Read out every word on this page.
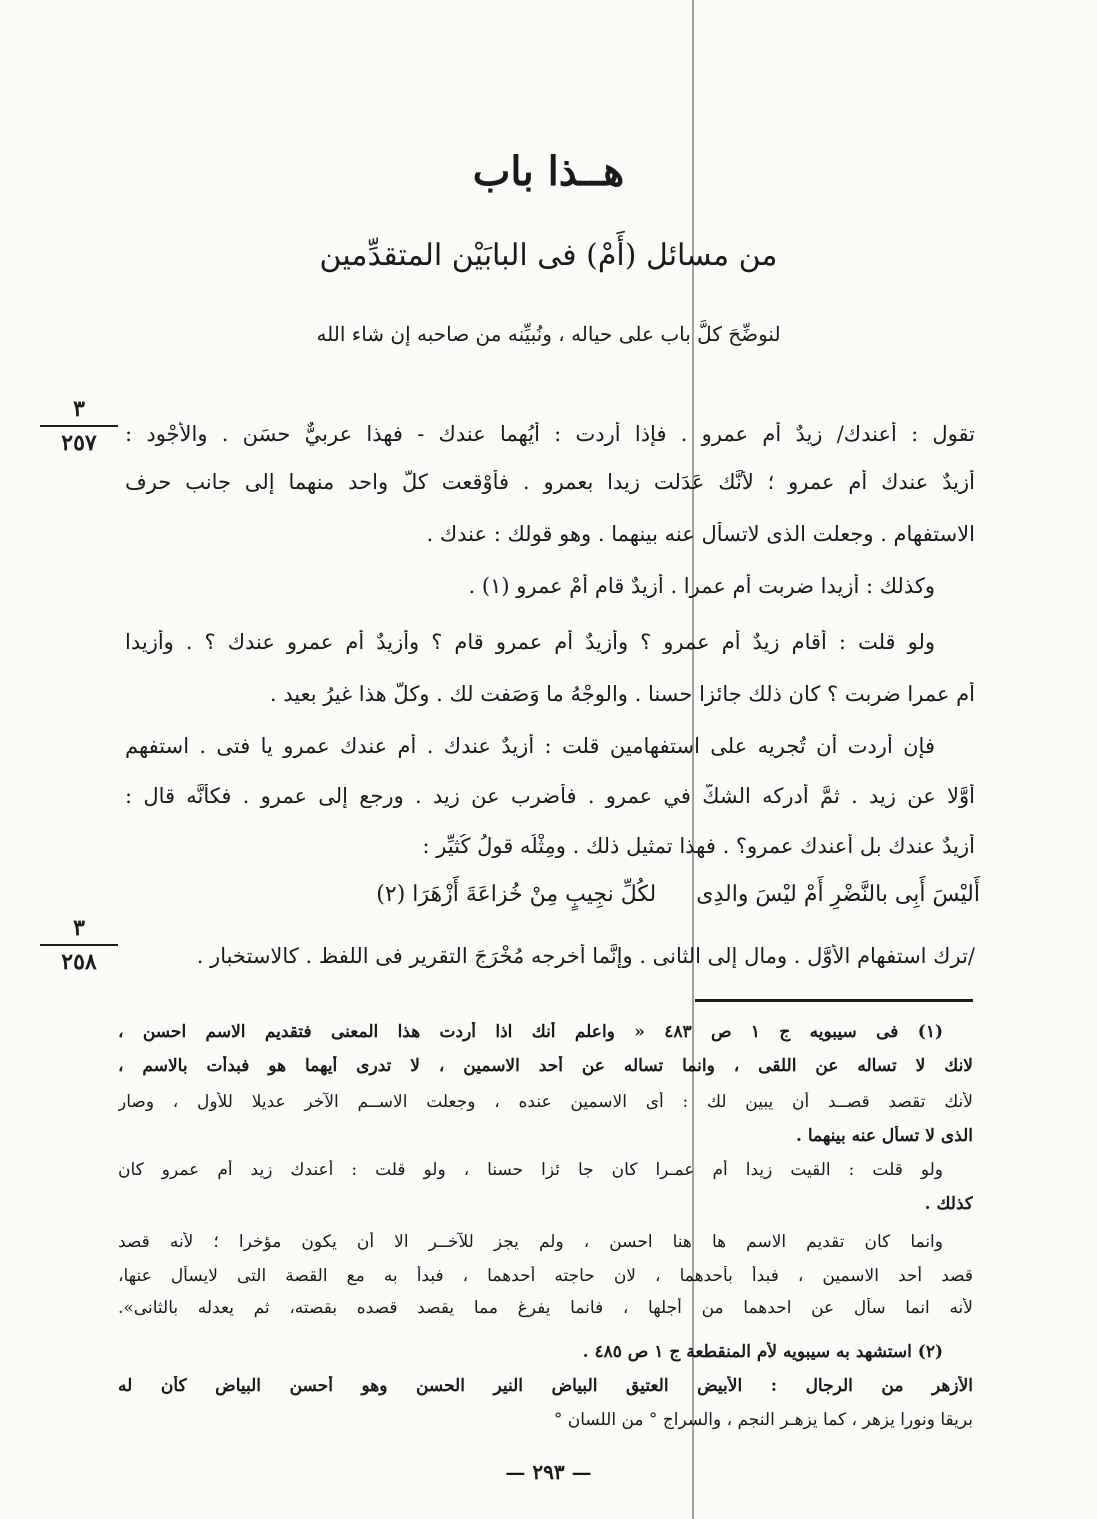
هــذا باب
من مسائل (أَمْ) فى البابَيْن المتقدِّمين
لنوضِّحَ كلَّ باب على حياله ، ونُبيِّنه من صاحبه إن شاء الله
٣
٢٥٧
٣
٢٥٨
تقول : أعندك/ زيدٌ أم عمرو . فإذا أردت : أَيُهما عندك - فهذا عربيٌّ حسَن . والأَجْود :
أزيدٌ عندك أم عمرو ؛ لأَنَّك عَدَلت زيدا بعمرو . فأَوْقعت كلَّ واحد منهما إلى جانب حرف
الاستفهام . وجعلت الذى لاتسأَل عنه بينهما . وهو قولك : عندك .
وكذلك : أزيدا ضربت أَم عمرا . أزيدٌ قام أَمْ عمرو (١) .
ولو قلت : أقام زيدٌ أم عمرو ؟ وأزيدٌ أم عمرو قام ؟ وأزيدٌ أم عمرو عندك ؟ . وأزيدا
أم عمرا ضربت ؟ كان ذلك جائزا حسنا . والوجْهُ ما وَصَفت لك . وكلُّ هذا غيرُ بعيد .
فإن أردت أن تُجرِيه على استفهامين قلت : أزيدٌ عندك . أم عندك عمرو يا فتى . استفهم
أوَّلا عن زيد . ثمَّ أدركه الشكُّ في عمرو . فأَضرب عن زيد . ورجع إلى عمرو . فكأَنَّه قال :
أزيدٌ عندك بل أعندك عمرو؟ . فهذا تمثيل ذلك . ومِثْلُه قولُ كُثيِّر :
أَليْسَ أَبِى بالنَّضْرِ أَمْ ليْسَ والدِى
لكُلِّ نجِيبٍ مِنْ خُزاعَةَ أَزْهَرَا (٢)
/ترك استفهام الأوَّل . ومال إلى الثانى . وإنَّما أخرجه مُخْرَجَ التقرير فى اللفظ . كالاستخبار .
(١) فى سيبويه ج ١ ص ٤٨٣ « واعلم أنك اذا أردت هذا المعنى فتقديم الاسم احسن ،
لانك لا تساله عن اللقى ، وانما تساله عن أحد الاسمين ، لا تدرى أيهما هو فبدأت بالاسم ،
لأنك تقصد قصــد أن يبين لك : أى الاسمين عنده ، وجعلت الاســم الآخر عديلا للأول ، وصار
الذى لا تسأل عنه بينهما .
ولو قلت : القيت زيدا أم عمـرا كان جا ئزا حسنا ، ولو قلت : أعندك زيد أم عمرو كان
كذلك .
وانما كان تقديم الاسم ها هنا احسن ، ولم يجز للآخــر الا أن يكون مؤخرا ؛ لأنه قصد
قصد أحد الاسمين ، فبدأ بأحدهما ، لان حاجته أحدهما ، فبدأ به مع القصة التى لايسأل عنها،
لأنه انما سأل عن احدهما من أجلها ، فانما يفرغ مما يقصد قصده بقصته، ثم يعدله بالثانى».
(٢) استشهد به سيبويه لأم المنقطعة ج ١ ص ٤٨٥ .
الأزهر من الرجال : الأبيض العتيق البياض النير الحسن وهو أحسن البياض كأن له
بريقا ونورا يزهر ، كما يزهـر النجم ، والسراج ° من اللسان °
— ٢٩٣ —
